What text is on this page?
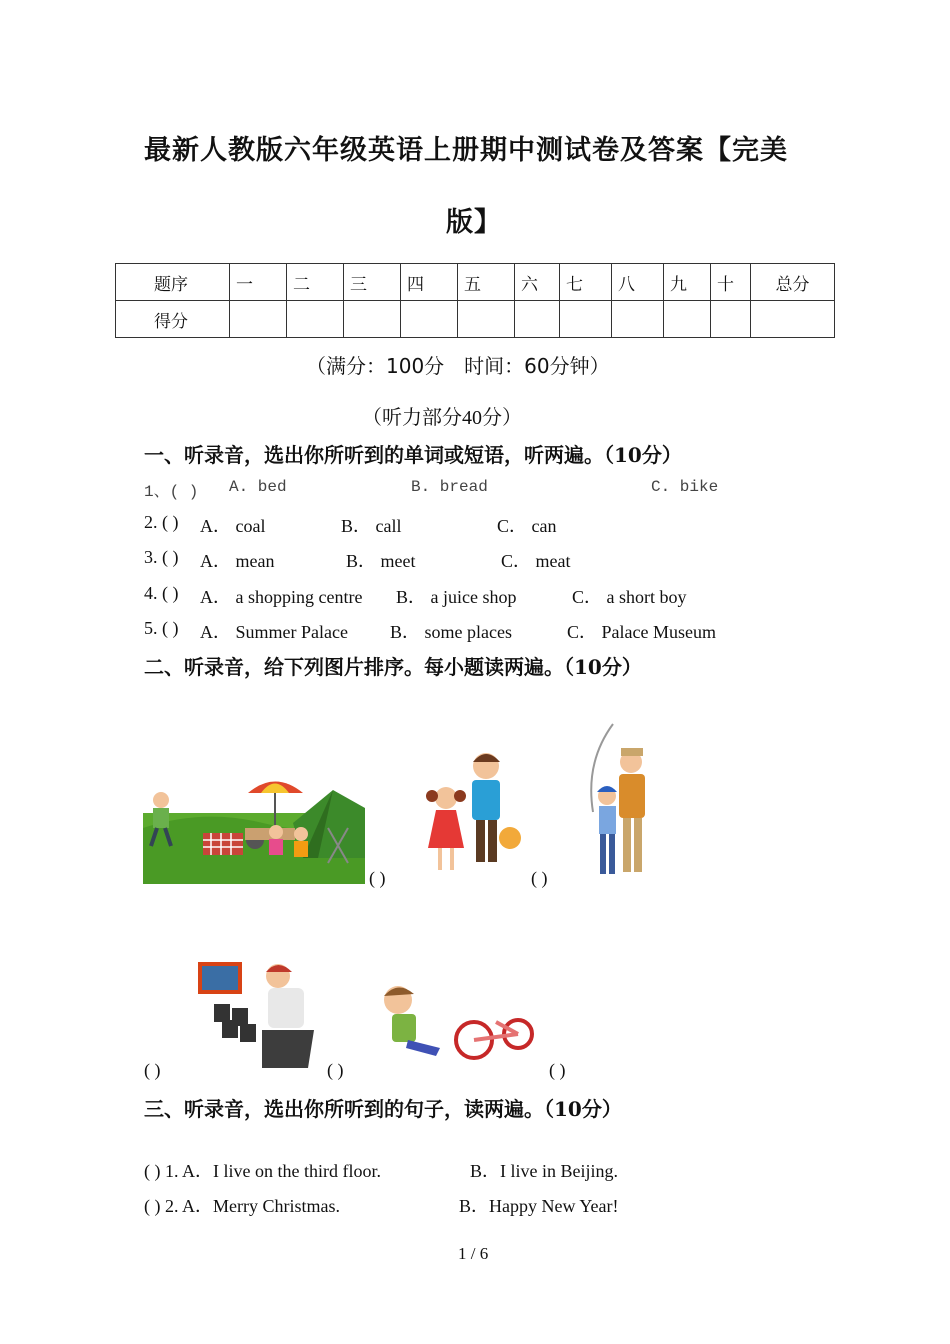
最新人教版六年级英语上册期中测试卷及答案【完美
版】
题序	一	二	三	四	五	六	七	八	九	十	总分
得分											
（满分：100分　时间：60分钟）
（听力部分40分）
一、听录音，选出你所听到的单词或短语，听两遍。（10分）
1、( ) A. bed	B. bread	C. bike
2. ( ) A． coal	B． call	C． can
3. ( ) A． mean	B． meet	C． meat
4. ( ) A． a shopping centre B． a juice shop	C． a short boy
5. ( ) A． Summer Palace B． some places	C． Palace Museum
二、听录音，给下列图片排序。每小题读两遍。（10分）
( )	( )
( )	( )	( )
三、听录音，选出你所听到的句子，读两遍。（10分）
( ) 1. A．I live on the third floor.	B．I live in Beijing.
( ) 2. A．Merry Christmas.	B．Happy New Year!
1 / 6
